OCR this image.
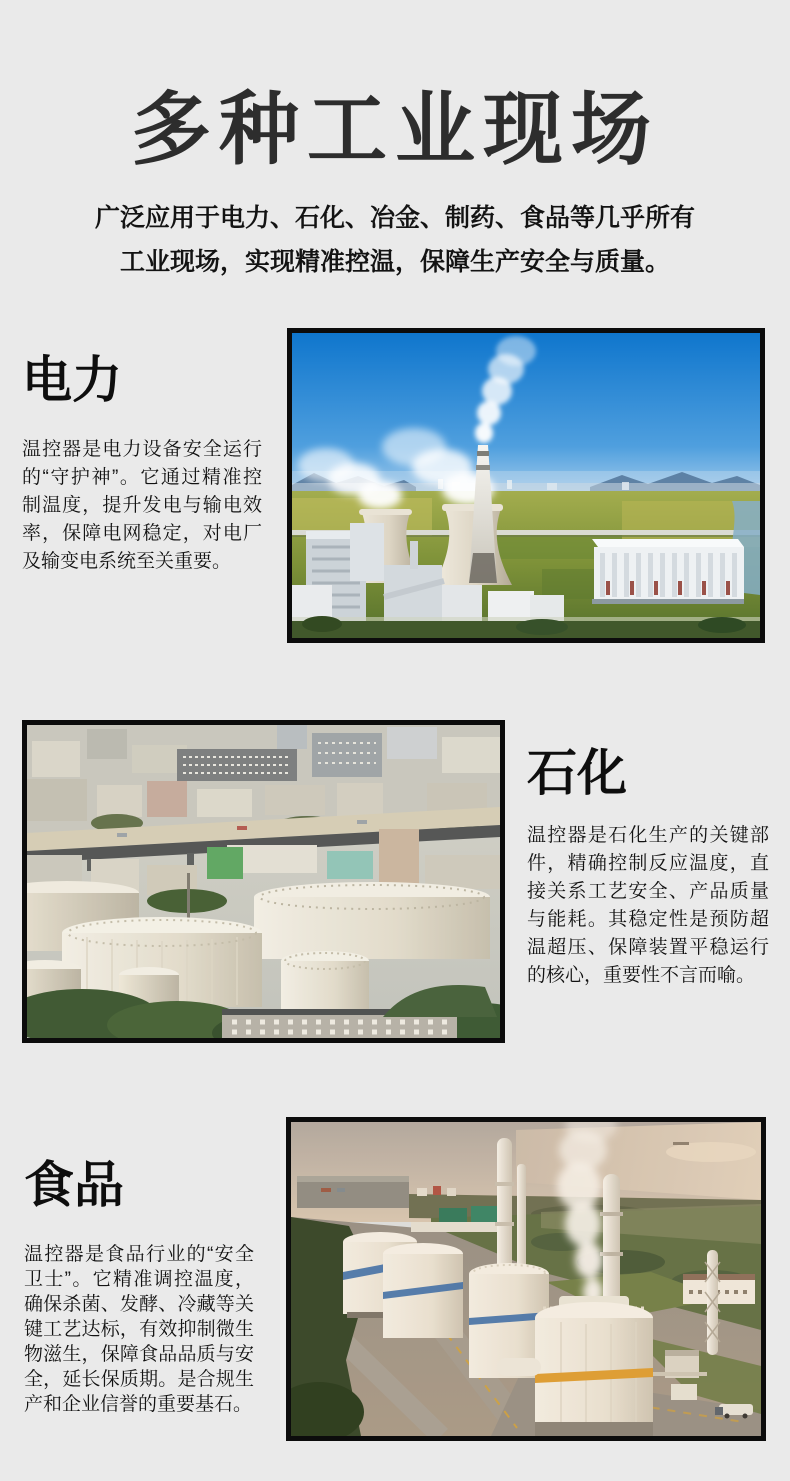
多种工业现场
广泛应用于电力、石化、冶金、制药、食品等几乎所有
工业现场，实现精准控温，保障生产安全与质量。
电力

温控器是电力设备安全运行的“守护神”。它通过精准控制温度，提升发电与输电效率，保障电网稳定，对电厂及输变电系统至关重要。

石化

温控器是石化生产的关键部件，精确控制反应温度，直接关系工艺安全、产品质量与能耗。其稳定性是预防超温超压、保障装置平稳运行的核心，重要性不言而喻。

食品

温控器是食品行业的“安全卫士”。它精准调控温度，确保杀菌、发酵、冷藏等关键工艺达标，有效抑制微生物滋生，保障食品品质与安全，延长保质期。是合规生产和企业信誉的重要基石。
